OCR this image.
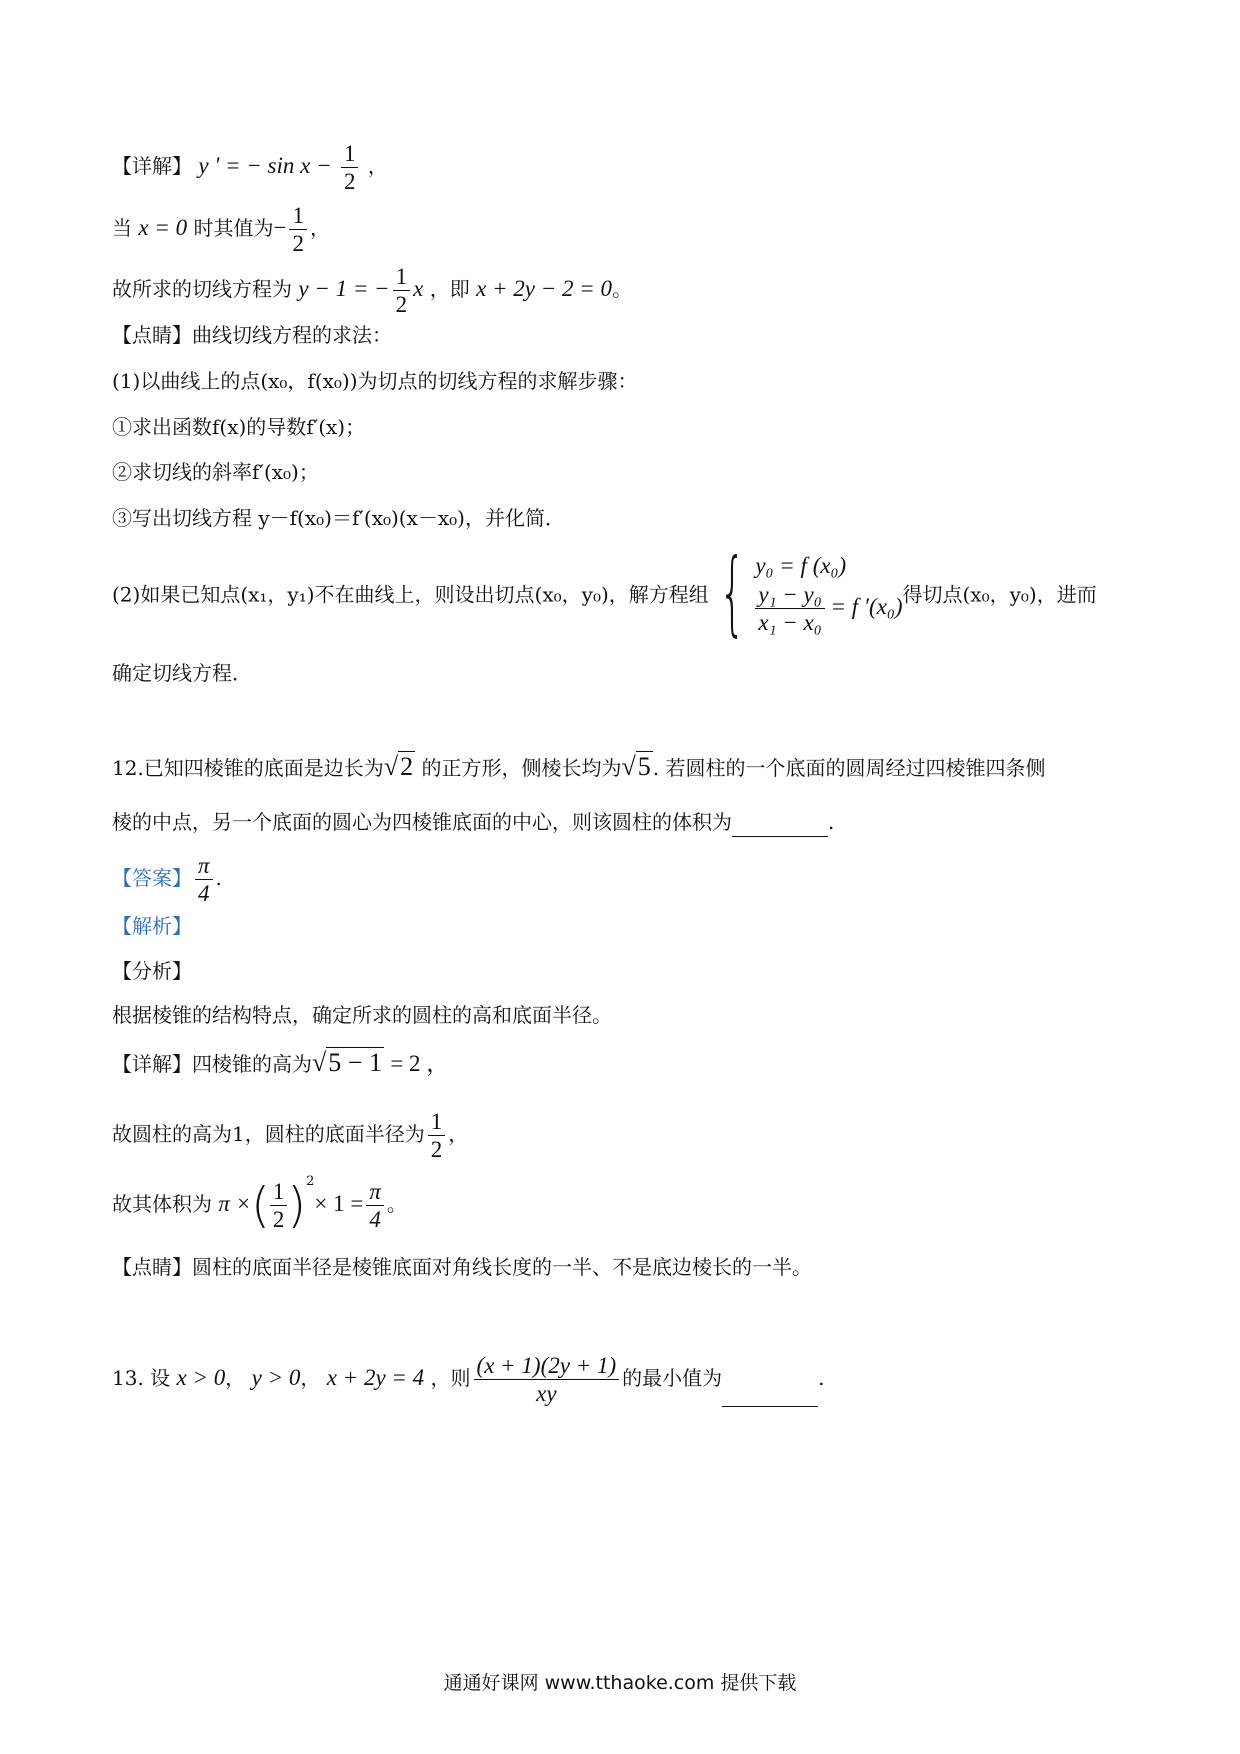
【详解】 y ' = − $\sin x - \frac{1}{2}$ ，
当 x = 0 时其值为− $\frac{1}{2}$ ，
故所求的切线方程为 y − 1 = − $\frac{1}{2}$ x ，即 x + 2y − 2 = 0。
【点睛】曲线切线方程的求法：
(1)以曲线上的点(x₀，f(x₀))为切点的切线方程的求解步骤：
①求出函数f(x)的导数f′(x)；
②求切线的斜率f′(x₀)；
③写出切线方程 y－f(x₀)＝f′(x₀)(x－x₀)，并化简．
(2)如果已知点(x₁，y₁)不在曲线上，则设出切点(x₀，y₀)，解方程组 { y₀ = f (x₀)
$\frac{\text{y₁ − y₀}}{\text{x₁ − x₀}} = f$ ′(x₀) 得切点(x₀，y₀)，进而
确定切线方程．
12.已知四棱锥的底面是边长为√2 的正方形，侧棱长均为√5 . 若圆柱的一个底面的圆周经过四棱锥四条侧
棱的中点，另一个底面的圆心为四棱锥底面的中心，则该圆柱的体积为	.
【答案】 $\frac{\pi}{4}$ .
【解析】
【分析】
根据棱锥的结构特点，确定所求的圆柱的高和底面半径。
【详解】四棱锥的高为√5 − 1 = 2 ，
故圆柱的高为1，圆柱的底面半径为 $\frac{1}{2}$ ，
故其体积为 π ×( $\frac{1}{2} )^2\times 1 = \frac{\pi}{4}$ 。
【点睛】圆柱的底面半径是棱锥底面对角线长度的一半、不是底边棱长的一半。
13. 设 x > 0， y > 0， x + 2y = 4 ，则 $\frac{(x + 1)(2y + 1)}{xy}$ 的最小值为	.
通通好课网 www.tthaoke.com 提供下载
